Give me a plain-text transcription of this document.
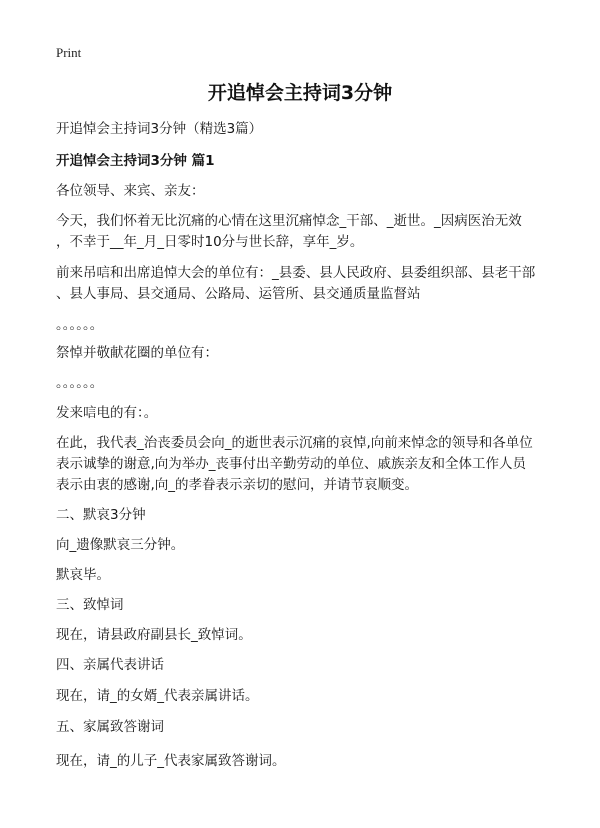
Print
开追悼会主持词3分钟
开追悼会主持词3分钟（精选3篇）
开追悼会主持词3分钟 篇1
各位领导、来宾、亲友：
今天，我们怀着无比沉痛的心情在这里沉痛悼念_干部、_逝世。_因病医治无效
，不幸于__年_月_日零时10分与世长辞，享年_岁。
前来吊唁和出席追悼大会的单位有：_县委、县人民政府、县委组织部、县老干部
、县人事局、县交通局、公路局、运管所、县交通质量监督站
。。。。。。
祭悼并敬献花圈的单位有：
。。。。。。
发来唁电的有：。
在此，我代表_治丧委员会向_的逝世表示沉痛的哀悼,向前来悼念的领导和各单位
表示诚挚的谢意,向为举办_丧事付出辛勤劳动的单位、戚族亲友和全体工作人员
表示由衷的感谢,向_的孝眷表示亲切的慰问，并请节哀顺变。
二、默哀3分钟
向_遗像默哀三分钟。
默哀毕。
三、致悼词
现在，请县政府副县长_致悼词。
四、亲属代表讲话
现在，请_的女婿_代表亲属讲话。
五、家属致答谢词
现在，请_的儿子_代表家属致答谢词。
